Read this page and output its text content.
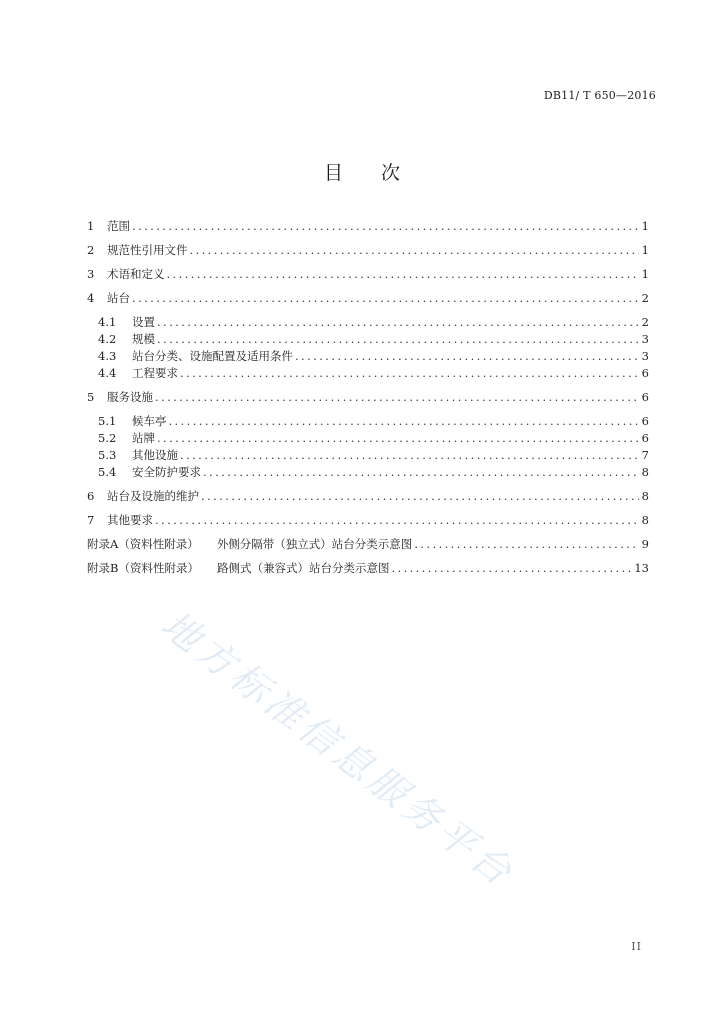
DB11/ T 650—2016
目 次
1	范围 .....	1
2	规范性引用文件 .....	1
3	术语和定义 .....	1
4	站台 .....	2
4.1	设置 .....	2
4.2	规模 .....	3
4.3	站台分类、设施配置及适用条件 .....	3
4.4	工程要求 .....	6
5	服务设施 .....	6
5.1	候车亭 .....	6
5.2	站牌 .....	6
5.3	其他设施 .....	7
5.4	安全防护要求 .....	8
6	站台及设施的维护 .....	8
7	其他要求 .....	8
附录A （资料性附录）	外侧分隔带（独立式）站台分类示意图 .....	9
附录B （资料性附录）	路侧式（兼容式）站台分类示意图 .....	13
地方标准信息服务平台
II
